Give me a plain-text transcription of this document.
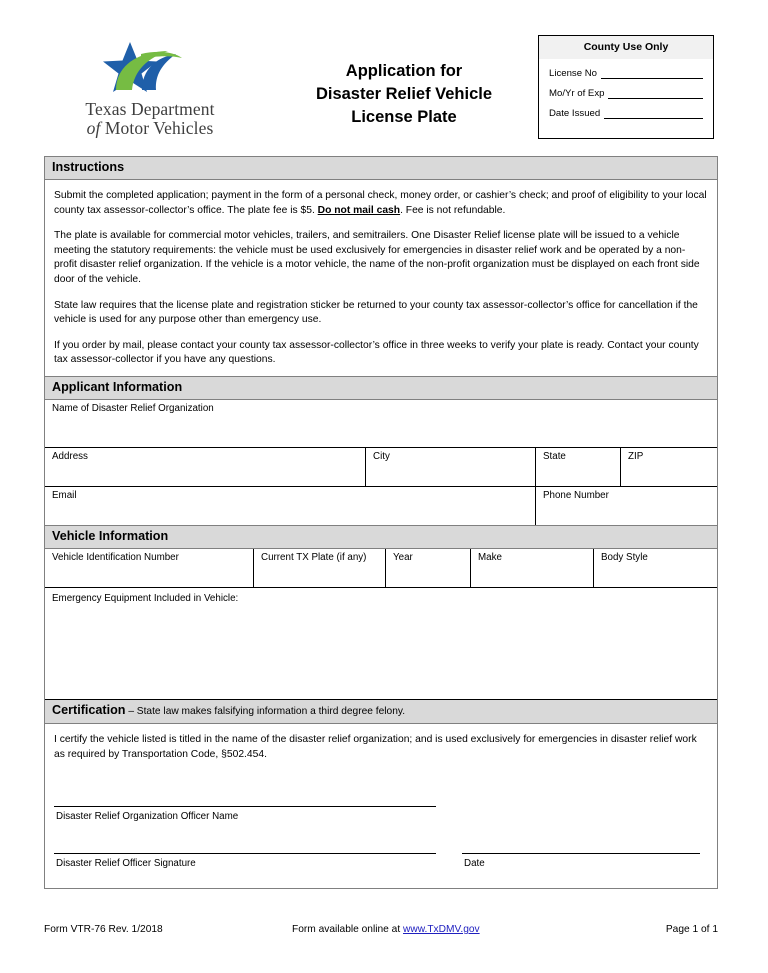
Texas Department
of Motor Vehicles
Application for
Disaster Relief Vehicle
License Plate
County Use Only
License No
Mo/Yr of Exp
Date Issued
Instructions

Submit the completed application; payment in the form of a personal check, money order, or cashier’s check; and proof of eligibility to your local county tax assessor-collector’s office. The plate fee is $5. Do not mail cash. Fee is not refundable.

The plate is available for commercial motor vehicles, trailers, and semitrailers. One Disaster Relief license plate will be issued to a vehicle meeting the statutory requirements: the vehicle must be used exclusively for emergencies in disaster relief work and be operated by a non-profit disaster relief organization. If the vehicle is a motor vehicle, the name of the non-profit organization must be displayed on each front side door of the vehicle.

State law requires that the license plate and registration sticker be returned to your county tax assessor-collector’s office for cancellation if the vehicle is used for any purpose other than emergency use.

If you order by mail, please contact your county tax assessor-collector’s office in three weeks to verify your plate is ready. Contact your county tax assessor-collector if you have any questions.

Applicant Information
Name of Disaster Relief Organization
Address	City	State	ZIP
Email	Phone Number
Vehicle Information
Vehicle Identification Number	Current TX Plate (if any)	Year	Make	Body Style
Emergency Equipment Included in Vehicle:
Certification – State law makes falsifying information a third degree felony.
I certify the vehicle listed is titled in the name of the disaster relief organization; and is used exclusively for emergencies in disaster relief work as required by Transportation Code, §502.454.
Disaster Relief Organization Officer Name
Disaster Relief Officer Signature	Date
Form VTR-76 Rev. 1/2018	Form available online at www.TxDMV.gov	Page 1 of 1
